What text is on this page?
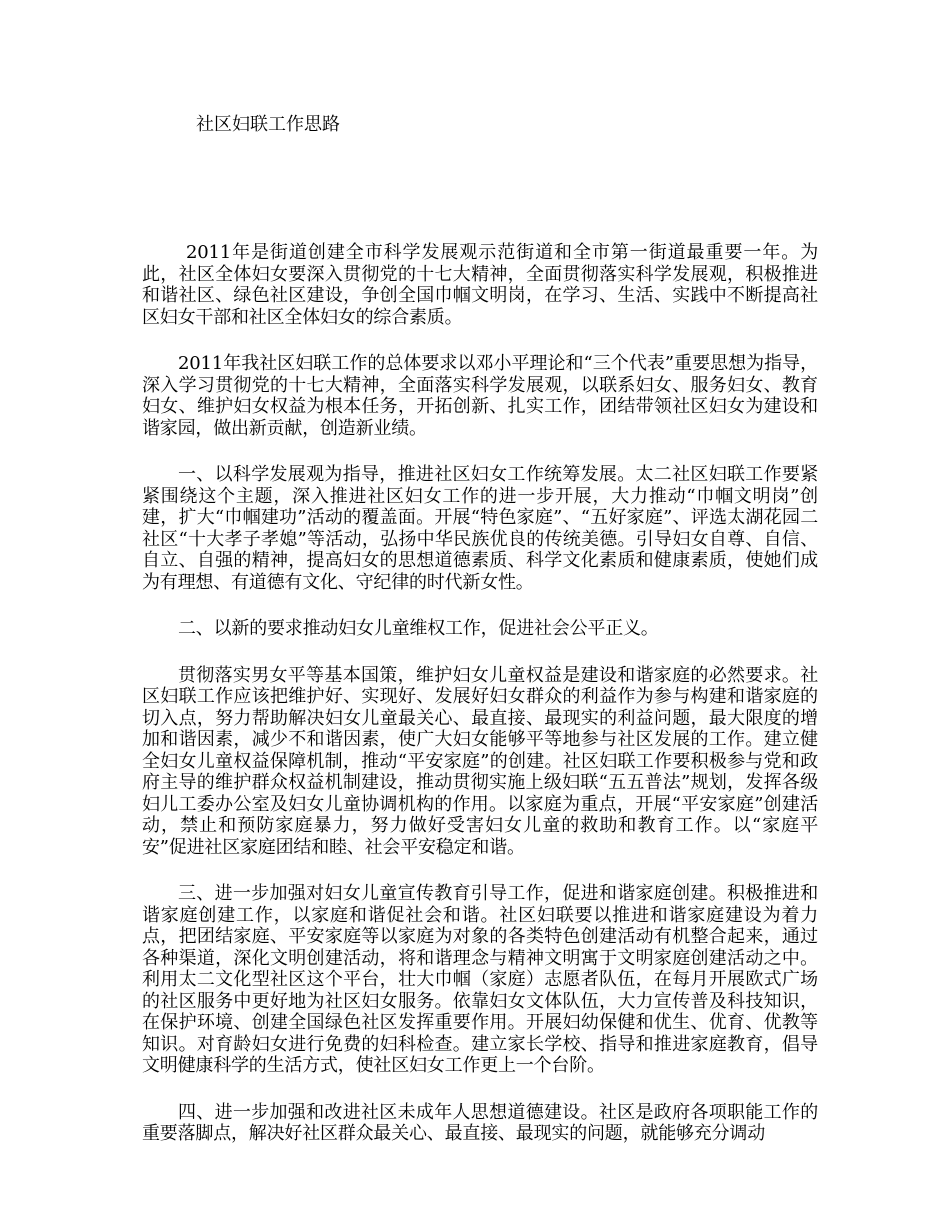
社区妇联工作思路

2011年是街道创建全市科学发展观示范街道和全市第一街道最重要一年。为此，社区全体妇女要深入贯彻党的十七大精神，全面贯彻落实科学发展观，积极推进和谐社区、绿色社区建设，争创全国巾帼文明岗，在学习、生活、实践中不断提高社区妇女干部和社区全体妇女的综合素质。

2011年我社区妇联工作的总体要求以邓小平理论和“三个代表”重要思想为指导，深入学习贯彻党的十七大精神，全面落实科学发展观，以联系妇女、服务妇女、教育妇女、维护妇女权益为根本任务，开拓创新、扎实工作，团结带领社区妇女为建设和谐家园，做出新贡献，创造新业绩。

一、以科学发展观为指导，推进社区妇女工作统筹发展。太二社区妇联工作要紧紧围绕这个主题，深入推进社区妇女工作的进一步开展，大力推动“巾帼文明岗”创建，扩大“巾帼建功”活动的覆盖面。开展“特色家庭”、“五好家庭”、评选太湖花园二社区“十大孝子孝媳”等活动，弘扬中华民族优良的传统美德。引导妇女自尊、自信、自立、自强的精神，提高妇女的思想道德素质、科学文化素质和健康素质，使她们成为有理想、有道德有文化、守纪律的时代新女性。

二、以新的要求推动妇女儿童维权工作，促进社会公平正义。

贯彻落实男女平等基本国策，维护妇女儿童权益是建设和谐家庭的必然要求。社区妇联工作应该把维护好、实现好、发展好妇女群众的利益作为参与构建和谐家庭的切入点，努力帮助解决妇女儿童最关心、最直接、最现实的利益问题，最大限度的增加和谐因素，减少不和谐因素，使广大妇女能够平等地参与社区发展的工作。建立健全妇女儿童权益保障机制，推动“平安家庭”的创建。社区妇联工作要积极参与党和政府主导的维护群众权益机制建设，推动贯彻实施上级妇联“五五普法”规划，发挥各级妇儿工委办公室及妇女儿童协调机构的作用。以家庭为重点，开展“平安家庭”创建活动，禁止和预防家庭暴力，努力做好受害妇女儿童的救助和教育工作。以“家庭平安”促进社区家庭团结和睦、社会平安稳定和谐。

三、进一步加强对妇女儿童宣传教育引导工作，促进和谐家庭创建。积极推进和谐家庭创建工作，以家庭和谐促社会和谐。社区妇联要以推进和谐家庭建设为着力点，把团结家庭、平安家庭等以家庭为对象的各类特色创建活动有机整合起来，通过各种渠道，深化文明创建活动，将和谐理念与精神文明寓于文明家庭创建活动之中。利用太二文化型社区这个平台，壮大巾帼（家庭）志愿者队伍，在每月开展欧式广场的社区服务中更好地为社区妇女服务。依靠妇女文体队伍，大力宣传普及科技知识，在保护环境、创建全国绿色社区发挥重要作用。开展妇幼保健和优生、优育、优教等知识。对育龄妇女进行免费的妇科检查。建立家长学校、指导和推进家庭教育，倡导文明健康科学的生活方式，使社区妇女工作更上一个台阶。

四、进一步加强和改进社区未成年人思想道德建设。社区是政府各项职能工作的重要落脚点，解决好社区群众最关心、最直接、最现实的问题，就能够充分调动
